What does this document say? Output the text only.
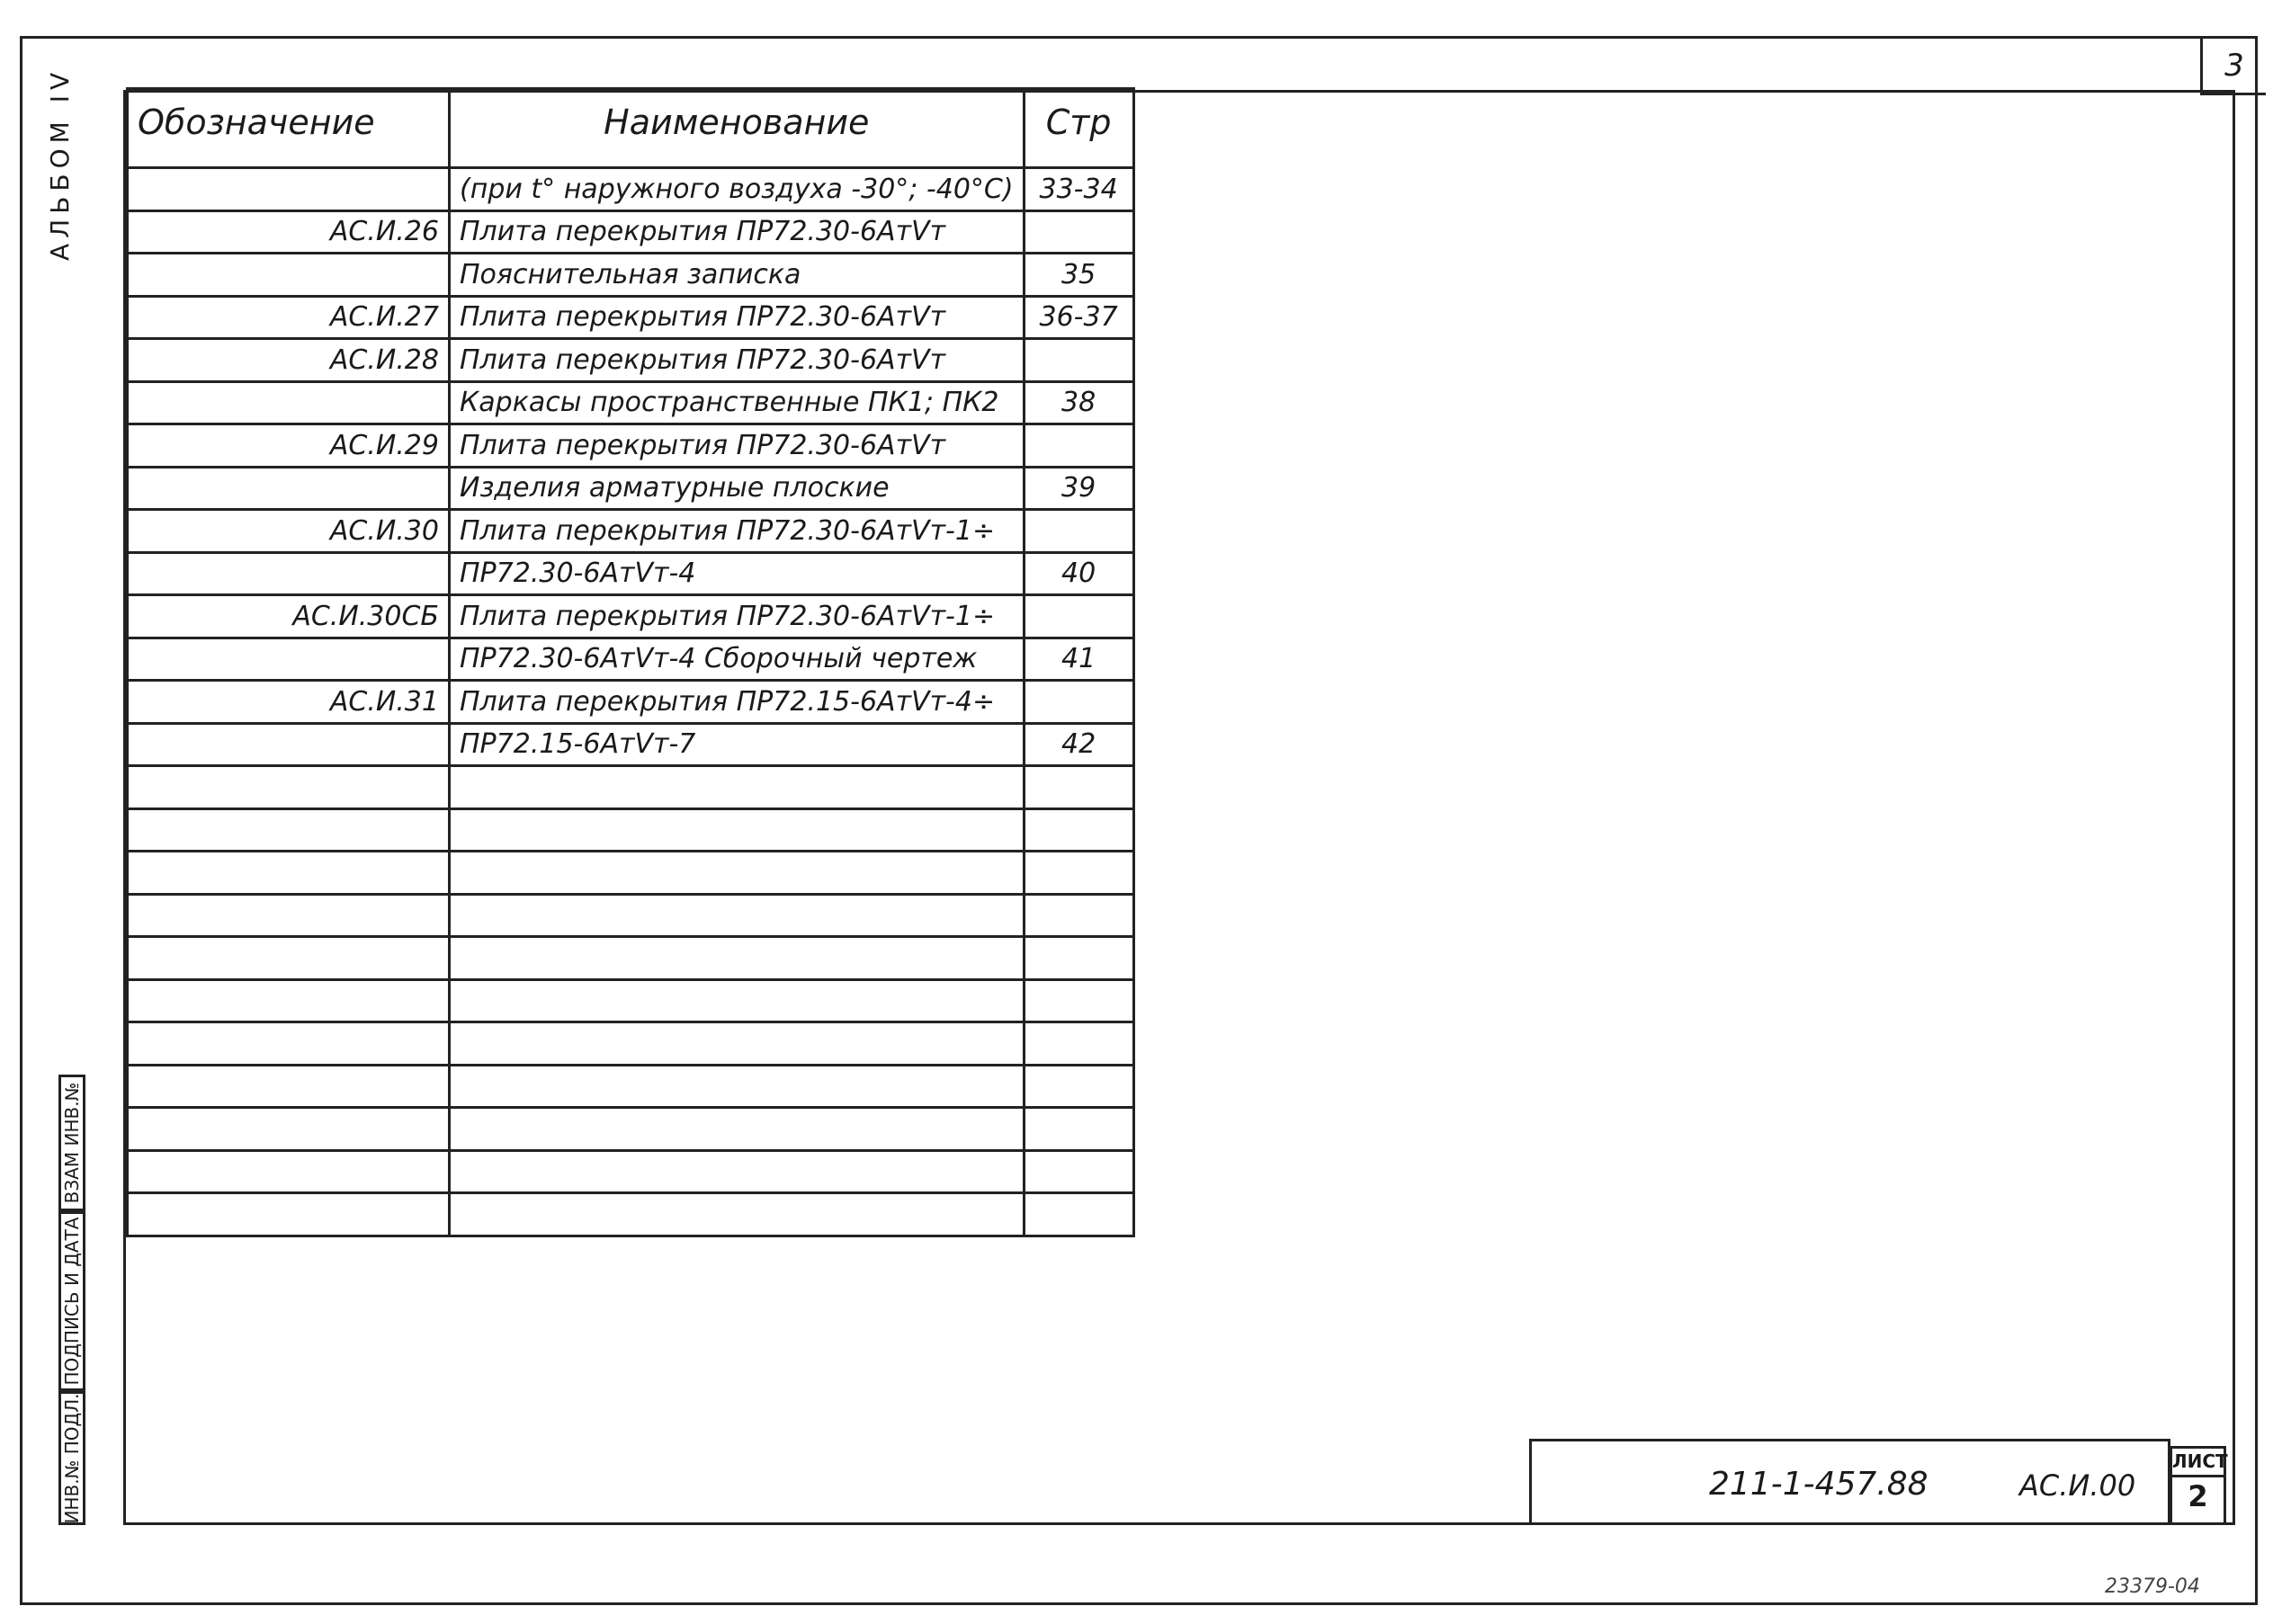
3
АЛЬБОМ IV Обозначение	Наименование	Стр
	(при t° наружного воздуха -30°; -40°С)	33-34
АС.И.26	Плита перекрытия ПР72.30-6АтVт	
	Пояснительная записка	35
АС.И.27	Плита перекрытия ПР72.30-6АтVт	36-37
АС.И.28	Плита перекрытия ПР72.30-6АтVт	
	Каркасы пространственные ПК1; ПК2	38
АС.И.29	Плита перекрытия ПР72.30-6АтVт	
	Изделия арматурные плоские	39
АС.И.30	Плита перекрытия ПР72.30-6АтVт-1÷	
	ПР72.30-6АтVт-4	40
АС.И.30СБ	Плита перекрытия ПР72.30-6АтVт-1÷	
	ПР72.30-6АтVт-4 Сборочный чертеж	41
АС.И.31	Плита перекрытия ПР72.15-6АтVт-4÷	
	ПР72.15-6АтVт-7	42

ВЗАМ ИНВ.№
ПОДПИСЬ И ДАТА
ИНВ.№ ПОДЛ.	211-1-457.88	АС.И.00
ЛИСТ
2
23379-04
